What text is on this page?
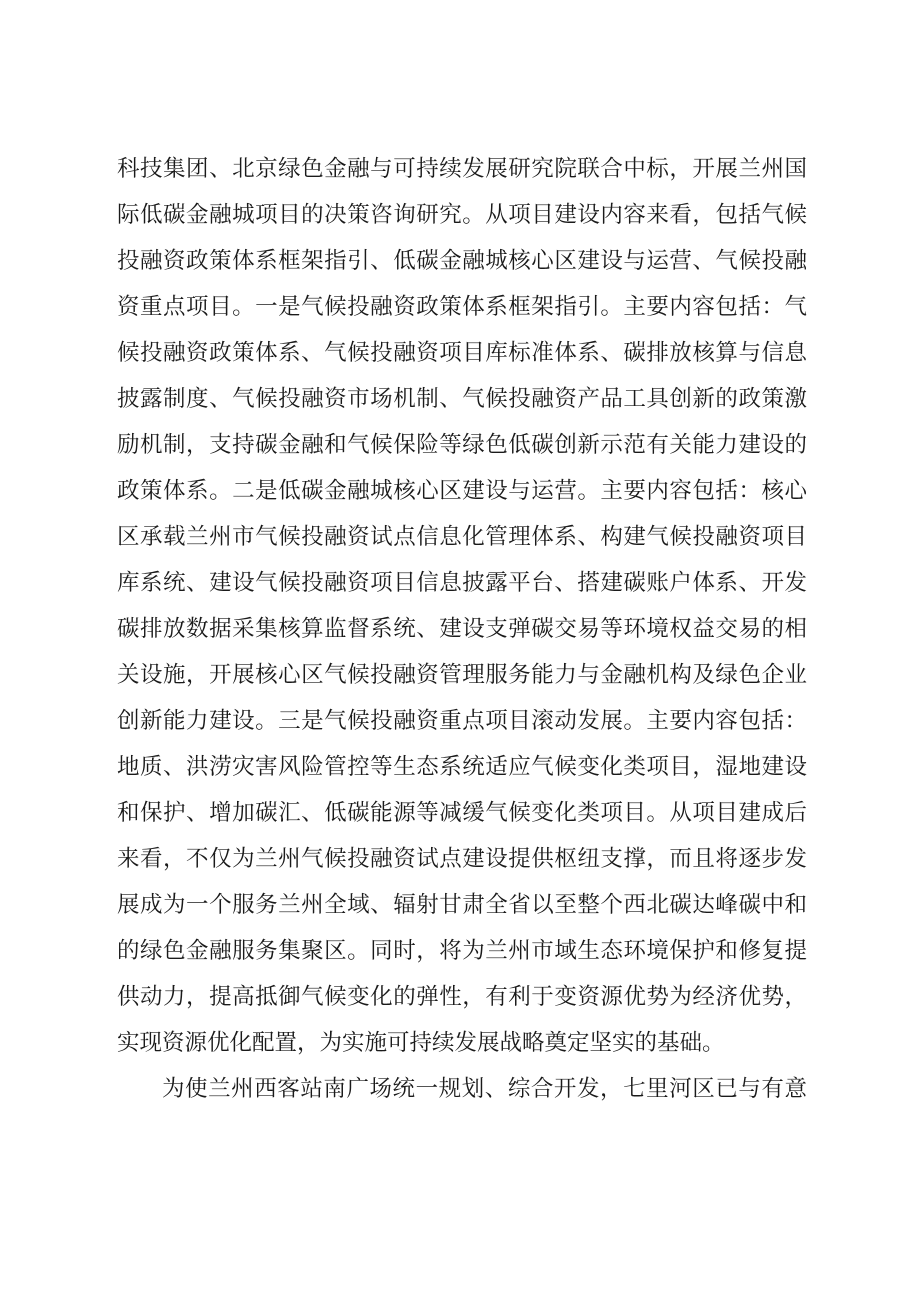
科技集团、北京绿色金融与可持续发展研究院联合中标，开展兰州国
际低碳金融城项目的决策咨询研究。从项目建设内容来看，包括气候
投融资政策体系框架指引、低碳金融城核心区建设与运营、气候投融
资重点项目。一是气候投融资政策体系框架指引。主要内容包括：气
候投融资政策体系、气候投融资项目库标准体系、碳排放核算与信息
披露制度、气候投融资市场机制、气候投融资产品工具创新的政策激
励机制，支持碳金融和气候保险等绿色低碳创新示范有关能力建设的
政策体系。二是低碳金融城核心区建设与运营。主要内容包括：核心
区承载兰州市气候投融资试点信息化管理体系、构建气候投融资项目
库系统、建设气候投融资项目信息披露平台、搭建碳账户体系、开发
碳排放数据采集核算监督系统、建设支弹碳交易等环境权益交易的相
关设施，开展核心区气候投融资管理服务能力与金融机构及绿色企业
创新能力建设。三是气候投融资重点项目滚动发展。主要内容包括：
地质、洪涝灾害风险管控等生态系统适应气候变化类项目，湿地建设
和保护、增加碳汇、低碳能源等减缓气候变化类项目。从项目建成后
来看，不仅为兰州气候投融资试点建设提供枢纽支撑，而且将逐步发
展成为一个服务兰州全域、辐射甘肃全省以至整个西北碳达峰碳中和
的绿色金融服务集聚区。同时，将为兰州市域生态环境保护和修复提
供动力，提高抵御气候变化的弹性，有利于变资源优势为经济优势，
实现资源优化配置，为实施可持续发展战略奠定坚实的基础。
为使兰州西客站南广场统一规划、综合开发，七里河区已与有意
